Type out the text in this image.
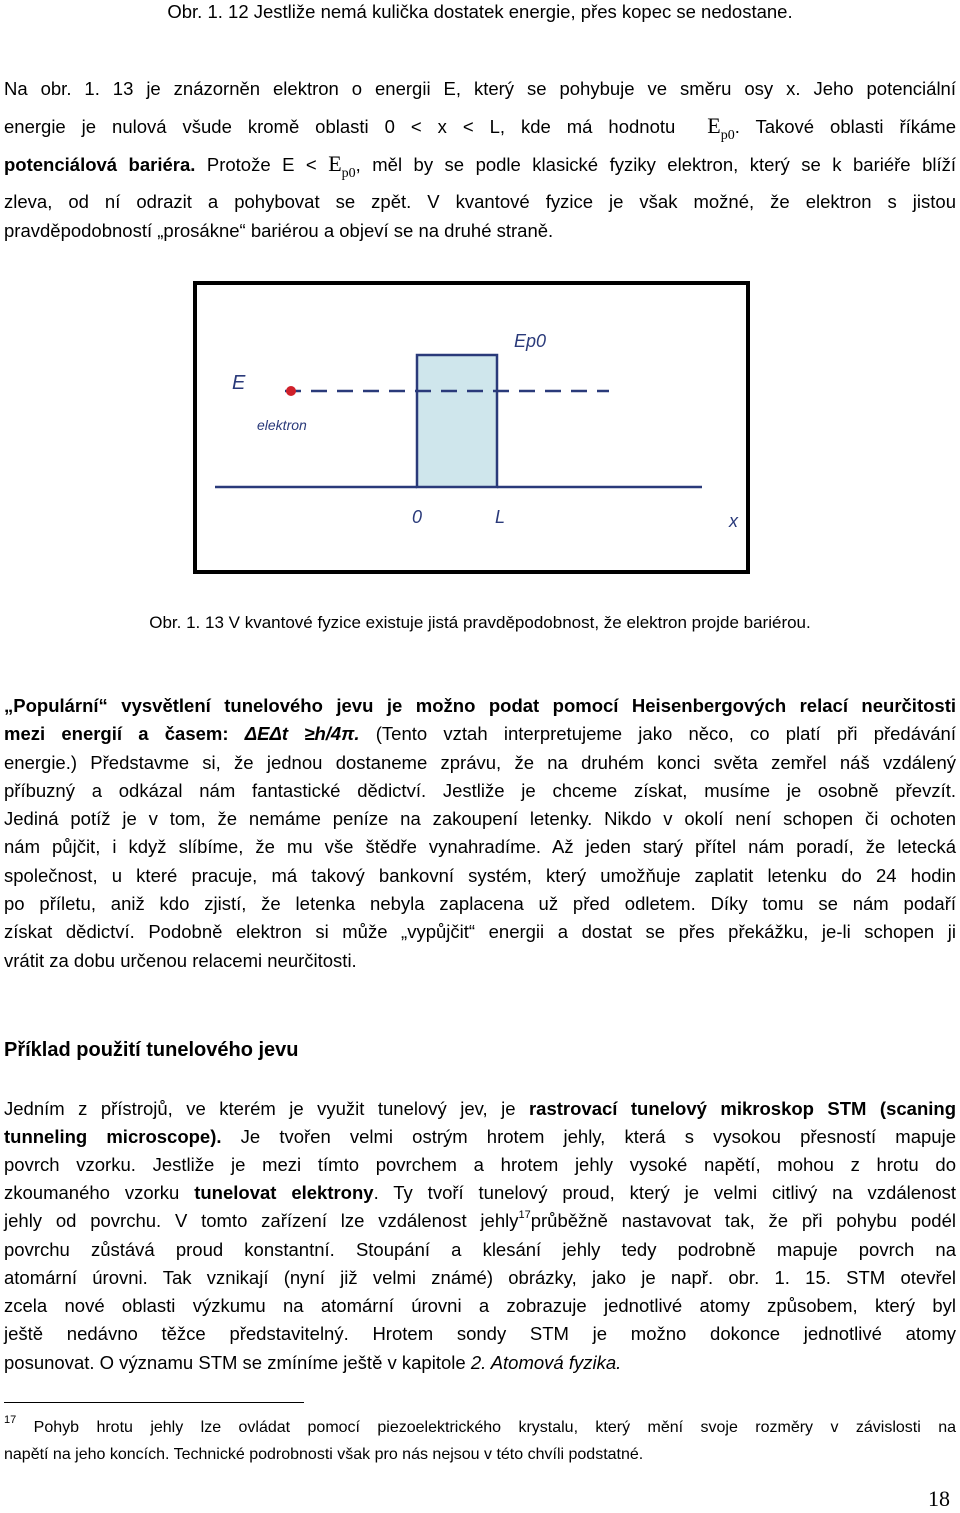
Obr. 1. 12 Jestliže nemá kulička dostatek energie, přes kopec se nedostane.
Na obr. 1. 13 je znázorněn elektron o energii E, který se pohybuje ve směru osy x. Jeho potenciální
energie je nulová všude kromě oblasti 0 < x < L, kde má hodnotu $E_{p0}$. Takové oblasti říkáme
potenciálová bariéra. Protože $E < E_{p0}$, měl by se podle klasické fyziky elektron, který se k bariéře blíží
zleva, od ní odrazit a pohybovat se zpět. V kvantové fyzice je však možné, že elektron s jistou
pravděpodobností „prosákne“ bariérou a objeví se na druhé straně.
E
Ep0
elektron
0	L	x
Obr. 1. 13 V kvantové fyzice existuje jistá pravděpodobnost, že elektron projde bariérou.
„Populární“ vysvětlení tunelového jevu je možno podat pomocí Heisenbergových relací neurčitosti
mezi energií a časem: ΔEΔt ≥h/4π. (Tento vztah interpretujeme jako něco, co platí při předávání
energie.) Představme si, že jednou dostaneme zprávu, že na druhém konci světa zemřel náš vzdálený
příbuzný a odkázal nám fantastické dědictví. Jestliže je chceme získat, musíme je osobně převzít.
Jediná potíž je v tom, že nemáme peníze na zakoupení letenky. Nikdo v okolí není schopen či ochoten
nám půjčit, i když slíbíme, že mu vše štědře vynahradíme. Až jeden starý přítel nám poradí, že letecká
společnost, u které pracuje, má takový bankovní systém, který umožňuje zaplatit letenku do 24 hodin
po příletu, aniž kdo zjistí, že letenka nebyla zaplacena už před odletem. Díky tomu se nám podaří
získat dědictví. Podobně elektron si může „vypůjčit“ energii a dostat se přes překážku, je-li schopen ji
vrátit za dobu určenou relacemi neurčitosti.
Příklad použití tunelového jevu
Jedním z přístrojů, ve kterém je využit tunelový jev, je rastrovací tunelový mikroskop STM (scaning
tunneling microscope). Je tvořen velmi ostrým hrotem jehly, která s vysokou přesností mapuje
povrch vzorku. Jestliže je mezi tímto povrchem a hrotem jehly vysoké napětí, mohou z hrotu do
zkoumaného vzorku tunelovat elektrony. Ty tvoří tunelový proud, který je velmi citlivý na vzdálenost
jehly od povrchu. V tomto zařízení lze vzdálenost jehly$^{17}$průběžně nastavovat tak, že při pohybu podél
povrchu zůstává proud konstantní. Stoupání a klesání jehly tedy podrobně mapuje povrch na
atomární úrovni. Tak vznikají (nyní již velmi známé) obrázky, jako je např. obr. 1. 15. STM otevřel
zcela nové oblasti výzkumu na atomární úrovni a zobrazuje jednotlivé atomy způsobem, který byl
ještě nedávno těžce představitelný. Hrotem sondy STM je možno dokonce jednotlivé atomy
posunovat. O významu STM se zmíníme ještě v kapitole 2. Atomová fyzika.
$^{17}$ Pohyb hrotu jehly lze ovládat pomocí piezoelektrického krystalu, který mění svoje rozměry v závislosti na
napětí na jeho koncích. Technické podrobnosti však pro nás nejsou v této chvíli podstatné.
18
